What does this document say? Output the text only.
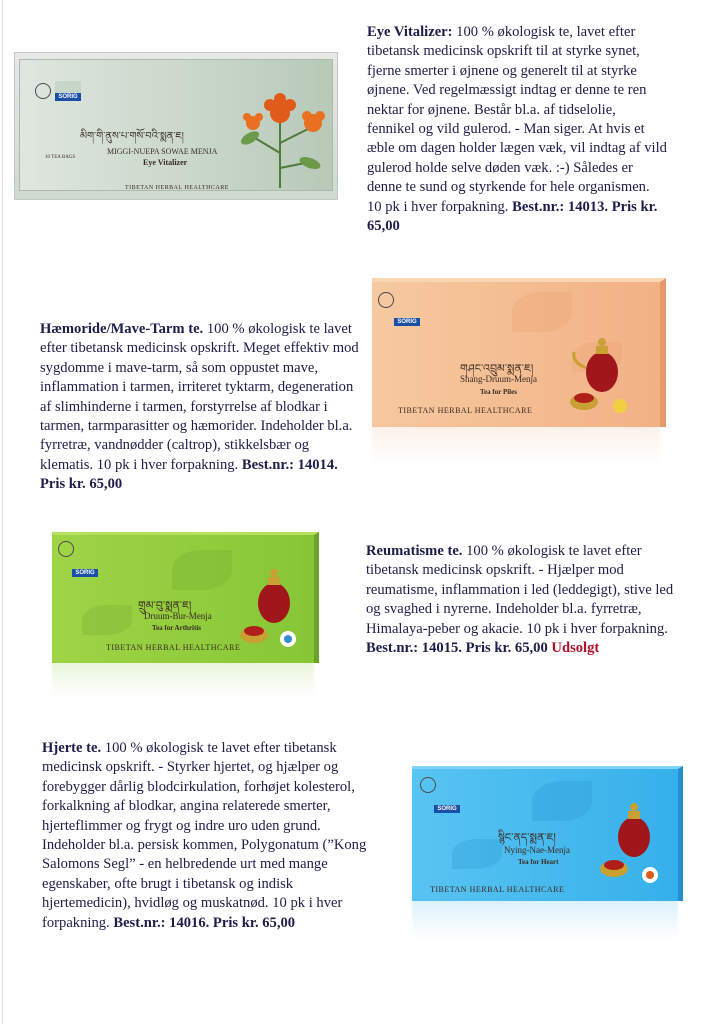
SORIG
མིག་གི་ནུས་པ་གསོ་བའི་སྨན་ཇ།
MIGGI-NUEPA SOWAE MENJA
Eye Vitalizer
TIBETAN HERBAL HEALTHCARE
10 TEA BAGS
Eye Vitalizer: 100 % økologisk te, lavet efter tibetansk medicinsk opskrift til at styrke synet, fjerne smerter i øjnene og generelt til at styrke øjnene. Ved regelmæssigt indtag er denne te ren nektar for øjnene. Består bl.a. af tidselolie, fennikel og vild gulerod. - Man siger. At hvis et æble om dagen holder lægen væk, vil indtag af vild gulerod holde selve døden væk. :-) Således er denne te sund og styrkende for hele organismen. 10 pk i hver forpakning. Best.nr.: 14013. Pris kr. 65,00
Hæmoride/Mave-Tarm te. 100 % økologisk te lavet efter tibetansk medicinsk opskrift. Meget effektiv mod sygdomme i mave-tarm, så som oppustet mave, inflammation i tarmen, irriteret tyktarm, degeneration af slimhinderne i tarmen, forstyrrelse af blodkar i tarmen, tarmparasitter og hæmorider. Indeholder bl.a. fyrretræ, vandnødder (caltrop), stikkelsbær og klematis. 10 pk i hver forpakning. Best.nr.: 14014. Pris kr. 65,00
SORIG
གཤང་འབྲུམ་སྨན་ཇ།
Shang-Druum-Menja
Tea for Piles
TIBETAN HERBAL HEALTHCARE
SORIG
གྲུམ་བུ་སྨན་ཇ།
Druum-Bur-Menja
Tea for Arthritis
TIBETAN HERBAL HEALTHCARE
Reumatisme te. 100 % økologisk te lavet efter tibetansk medicinsk opskrift. - Hjælper mod reumatisme, inflammation i led (leddegigt), stive led og svaghed i nyrerne. Indeholder bl.a. fyrretræ, Himalaya-peber og akacie. 10 pk i hver forpakning. Best.nr.: 14015. Pris kr. 65,00 Udsolgt
Hjerte te. 100 % økologisk te lavet efter tibetansk medicinsk opskrift. - Styrker hjertet, og hjælper og forebygger dårlig blodcirkulation, forhøjet kolesterol, forkalkning af blodkar, angina relaterede smerter, hjerteflimmer og frygt og indre uro uden grund. Indeholder bl.a. persisk kommen, Polygonatum (”Kong Salomons Segl” - en helbredende urt med mange egenskaber, ofte brugt i tibetansk og indisk hjertemedicin), hvidløg og muskatnød. 10 pk i hver forpakning. Best.nr.: 14016. Pris kr. 65,00
SORIG
སྙིང་ནད་སྨན་ཇ།
Nying-Nae-Menja
Tea for Heart
TIBETAN HERBAL HEALTHCARE
